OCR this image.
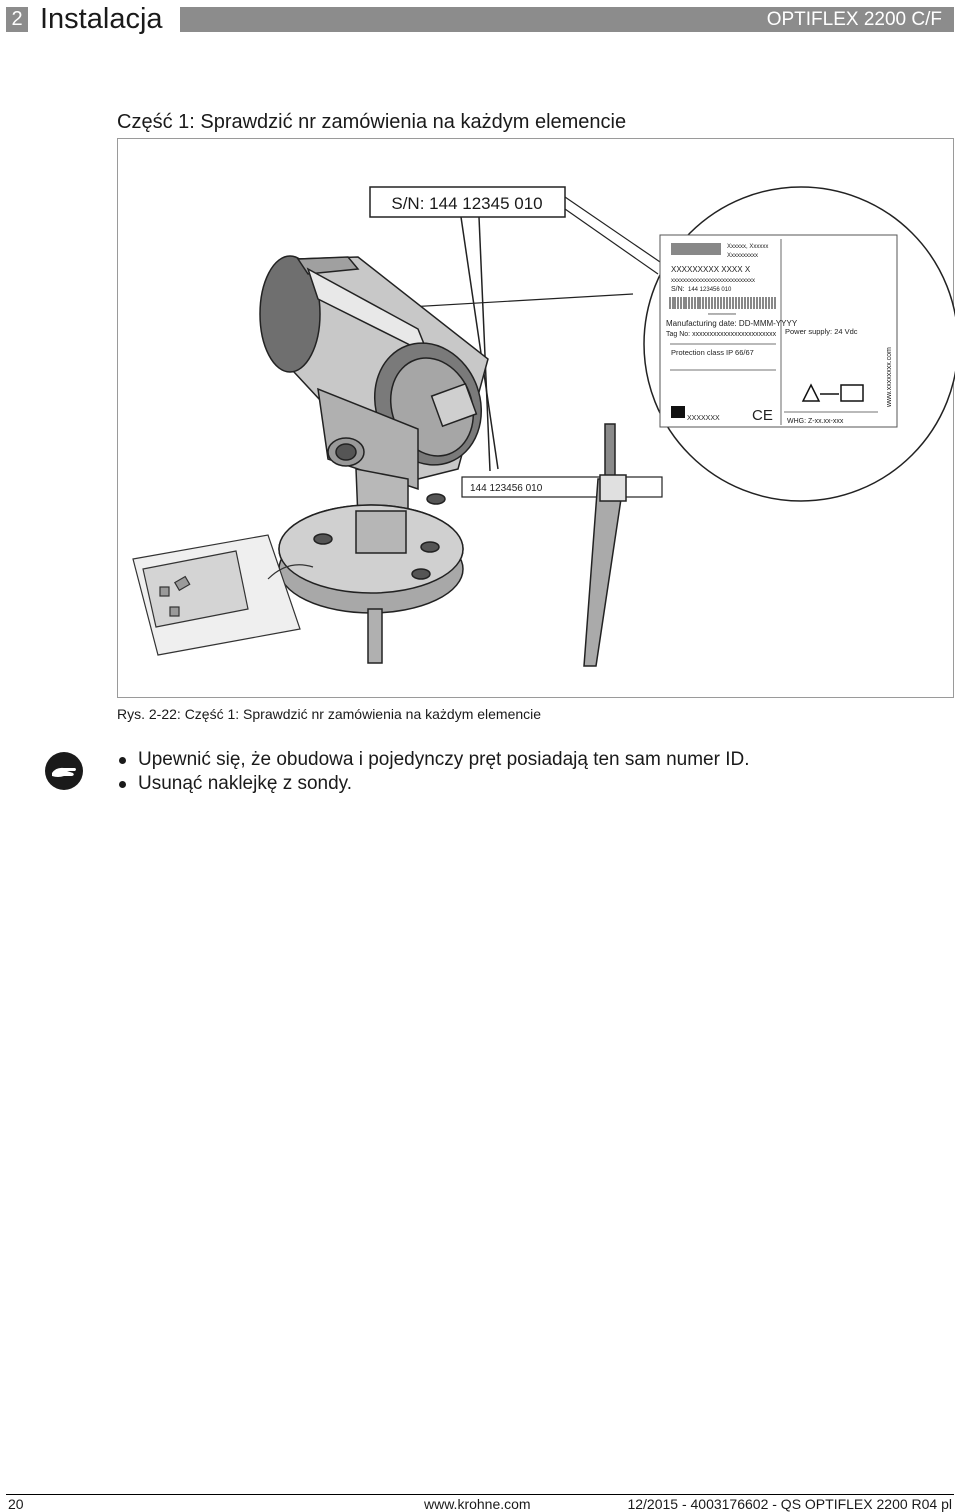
2 Instalacja	OPTIFLEX 2200 C/F
Część 1: Sprawdzić nr zamówienia na każdym elemencie
S/N: 144 12345 010
Xxxxxx, Xxxxxx
Xxxxxxxxxx
XXXXXXXXX XXXX X
xxxxxxxxxxxxxxxxxxxxxxxxxxxx
S/N: 144 123456 010
xxxxxxxxxxxxxx
Manufacturing date: DD-MMM-YYYY
Tag No: xxxxxxxxxxxxxxxxxxxxxxxx Power supply: 24 Vdc
Protection class IP 66/67
XXXXXXX CE WHG: Z-xx.xx-xxx
www.xxxxxxxx.com
144 123456 010
Rys. 2-22: Część 1: Sprawdzić nr zamówienia na każdym elemencie
Upewnić się, że obudowa i pojedynczy pręt posiadają ten sam numer ID.
Usunąć naklejkę z sondy.
20	www.krohne.com	12/2015 - 4003176602 - QS OPTIFLEX 2200 R04 pl
